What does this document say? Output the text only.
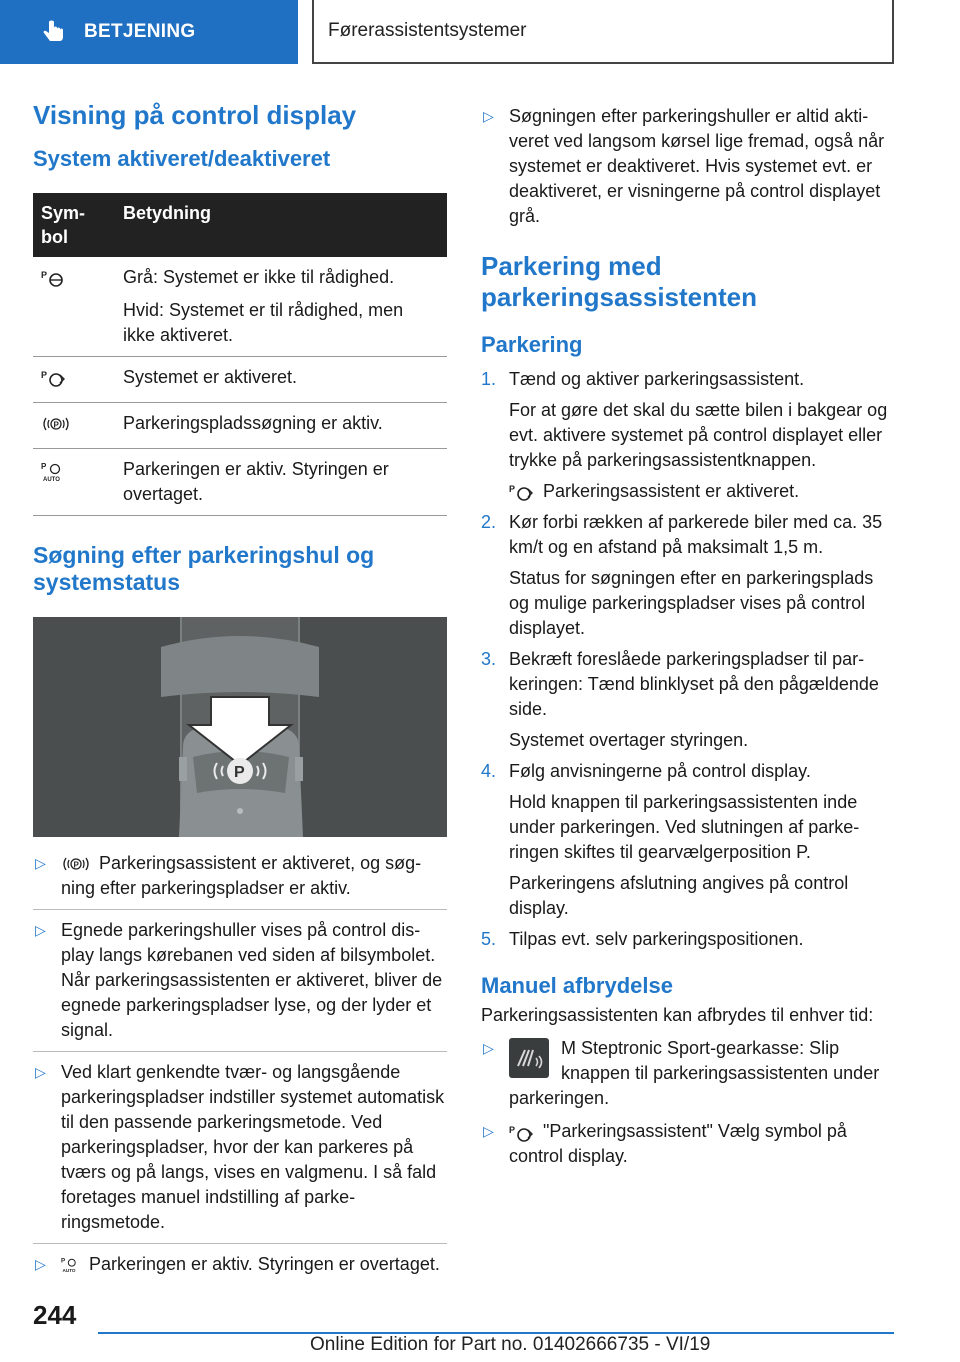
BETJENING	Førerassistentsystemer
Visning på control display
System aktiveret/deaktiveret
Sym-
bol	Betydning

P	Grå: Systemet er ikke til rådighed.

Hvid: Systemet er til rådighed, men ikke aktiveret.

P	Systemet er aktiveret.

P	Parkeringspladssøgning er aktiv.

P
AUTO	Parkeringen er aktiv. Styringen er overtaget.

Søgning efter parkeringshul og systemstatus
P
▷	P Parkeringsassistent er aktiveret, og søgning efter parkeringspladser er aktiv.
▷ Egnede parkeringshuller vises på control display langs kørebanen ved siden af bilsymbolet. Når parkeringsassistenten er aktiveret, bliver de egnede parkeringspladser lyse, og der lyder et signal.
▷ Ved klart genkendte tvær- og langsgående parkeringspladser indstiller systemet automatisk til den passende parkeringsmetode. Ved parkeringspladser, hvor der kan parkeres på tværs og på langs, vises en valgmenu. I så fald foretages manuel indstilling af parkeringsmetode.
▷ P
AUTO Parkeringen er aktiv. Styringen er overtaget.
▷ Søgningen efter parkeringshuller er altid aktiveret ved langsom kørsel lige fremad, også når systemet er deaktiveret. Hvis systemet evt. er deaktiveret, er visningerne på control displayet grå.
Parkering med parkeringsassistenten
Parkering
1. Tænd og aktiver parkeringsassistent.

For at gøre det skal du sætte bilen i bakgear og evt. aktivere systemet på control displayet eller trykke på parkeringsassistentknappen.

P Parkeringsassistent er aktiveret.

2. Kør forbi rækken af parkerede biler med ca. 35 km/t og en afstand på maksimalt 1,5 m.

Status for søgningen efter en parkeringsplads og mulige parkeringspladser vises på control displayet.

3. Bekræft foreslåede parkeringspladser til parkeringen: Tænd blinklyset på den pågældende side.

Systemet overtager styringen.

4. Følg anvisningerne på control display.

Hold knappen til parkeringsassistenten inde under parkeringen. Ved slutningen af parkeringen skiftes til gearvælgerposition P.

Parkeringens afslutning angives på control display.

5. Tilpas evt. selv parkeringspositionen.
Manuel afbrydelse

Parkeringsassistenten kan afbrydes til enhver tid:

▷	M Steptronic Sport-gearkasse: Slip knappen til parkeringsassistenten under parkeringen.
▷ P "Parkeringsassistent" Vælg symbol på control display.
244
Online Edition for Part no. 01402666735 - VI/19
